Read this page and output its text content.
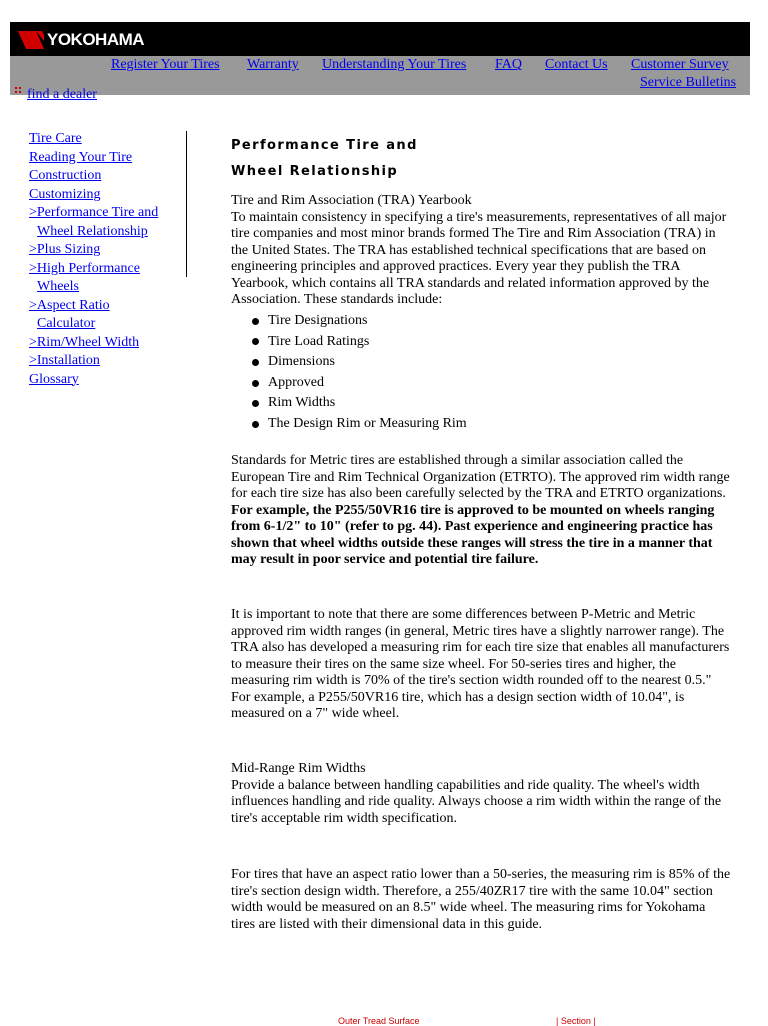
YOKOHAMA
find a dealer
Register Your Tires Warranty Understanding Your Tires FAQ Contact Us Customer Survey
Service Bulletins
Tire Care
Reading Your Tire
Construction
Customizing
>Performance Tire and
Wheel Relationship
>Plus Sizing
>High Performance
Wheels
>Aspect Ratio
Calculator
>Rim/Wheel Width
>Installation
Glossary
Performance Tire and
Wheel Relationship

Tire and Rim Association (TRA) Yearbook
To maintain consistency in specifying a tire's measurements, representatives of all major tire companies and most minor brands formed The Tire and Rim Association (TRA) in the United States. The TRA has established technical specifications that are based on engineering principles and approved practices. Every year they publish the TRA Yearbook, which contains all TRA standards and related information approved by the Association. These standards include:

Tire Designations
Tire Load Ratings
Dimensions
Approved
Rim Widths
The Design Rim or Measuring Rim

Standards for Metric tires are established through a similar association called the European Tire and Rim Technical Organization (ETRTO). The approved rim width range for each tire size has also been carefully selected by the TRA and ETRTO organizations. For example, the P255/50VR16 tire is approved to be mounted on wheels ranging from 6-1/2" to 10" (refer to pg. 44). Past experience and engineering practice has shown that wheel widths outside these ranges will stress the tire in a manner that may result in poor service and potential tire failure.

It is important to note that there are some differences between P-Metric and Metric approved rim width ranges (in general, Metric tires have a slightly narrower range). The TRA also has developed a measuring rim for each tire size that enables all manufacturers to measure their tires on the same size wheel. For 50-series tires and higher, the measuring rim width is 70% of the tire's section width rounded off to the nearest 0.5." For example, a P255/50VR16 tire, which has a design section width of 10.04", is measured on a 7" wide wheel.

Mid-Range Rim Widths
Provide a balance between handling capabilities and ride quality. The wheel's width influences handling and ride quality. Always choose a rim width within the range of the tire's acceptable rim width specification.

For tires that have an aspect ratio lower than a 50-series, the measuring rim is 85% of the tire's section design width. Therefore, a 255/40ZR17 tire with the same 10.04" section width would be measured on an 8.5" wide wheel. The measuring rims for Yokohama tires are listed with their dimensional data in this guide.

Outer Tread Surface	| Section |
